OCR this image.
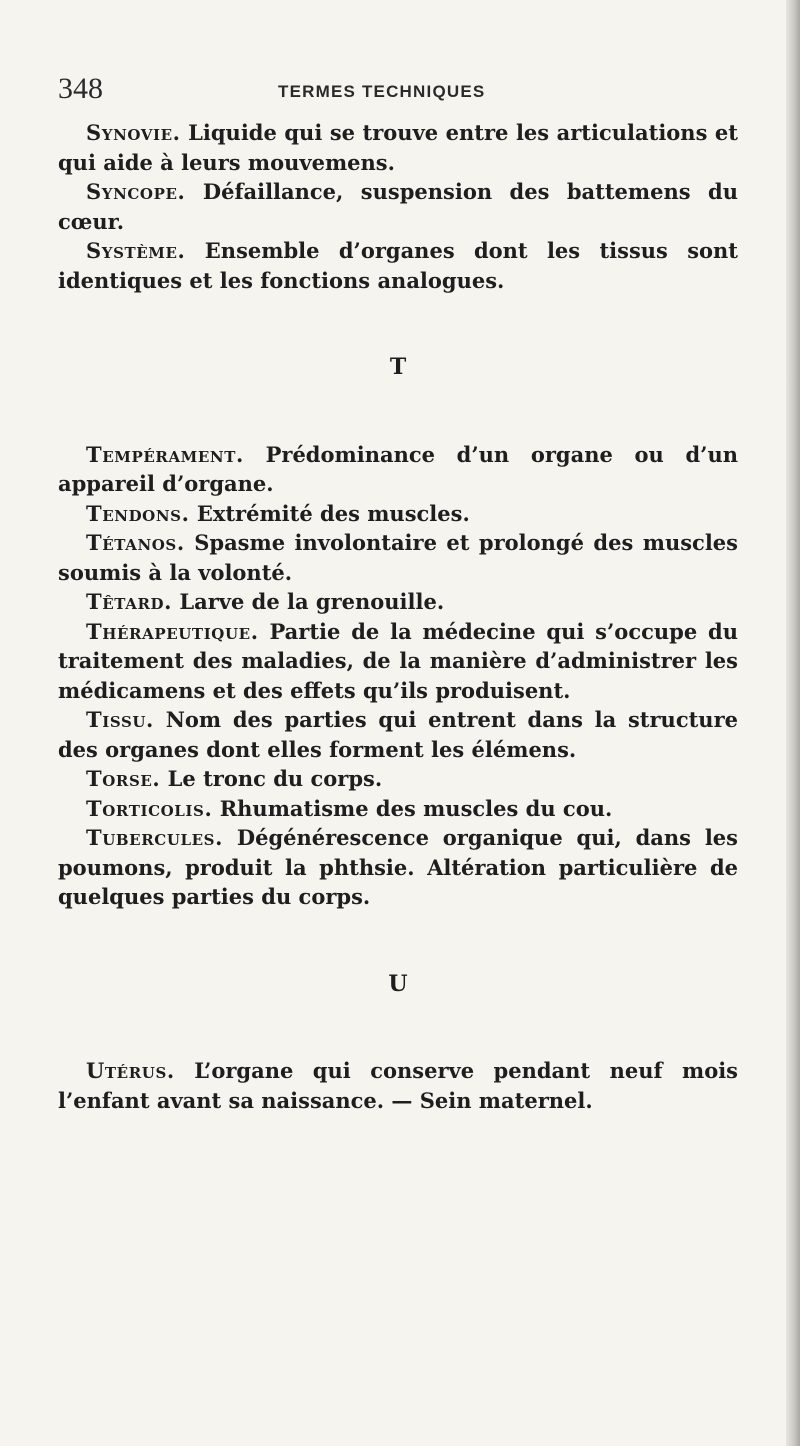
348	TERMES TECHNIQUES

Synovie. Liquide qui se trouve entre les articulations et qui aide à leurs mouvemens.

Syncope. Défaillance, suspension des battemens du cœur.

Système. Ensemble d’organes dont les tissus sont identiques et les fonctions analogues.

T

Tempérament. Prédominance d’un organe ou d’un appareil d’organe.

Tendons. Extrémité des muscles.

Tétanos. Spasme involontaire et prolongé des muscles soumis à la volonté.

Têtard. Larve de la grenouille.

Thérapeutique. Partie de la médecine qui s’occupe du traitement des maladies, de la manière d’administrer les médicamens et des effets qu’ils produisent.

Tissu. Nom des parties qui entrent dans la structure des organes dont elles forment les élémens.

Torse. Le tronc du corps.

Torticolis. Rhumatisme des muscles du cou.

Tubercules. Dégénérescence organique qui, dans les poumons, produit la phthsie. Altération particulière de quelques parties du corps.

U

Utérus. L’organe qui conserve pendant neuf mois l’enfant avant sa naissance. — Sein maternel.
